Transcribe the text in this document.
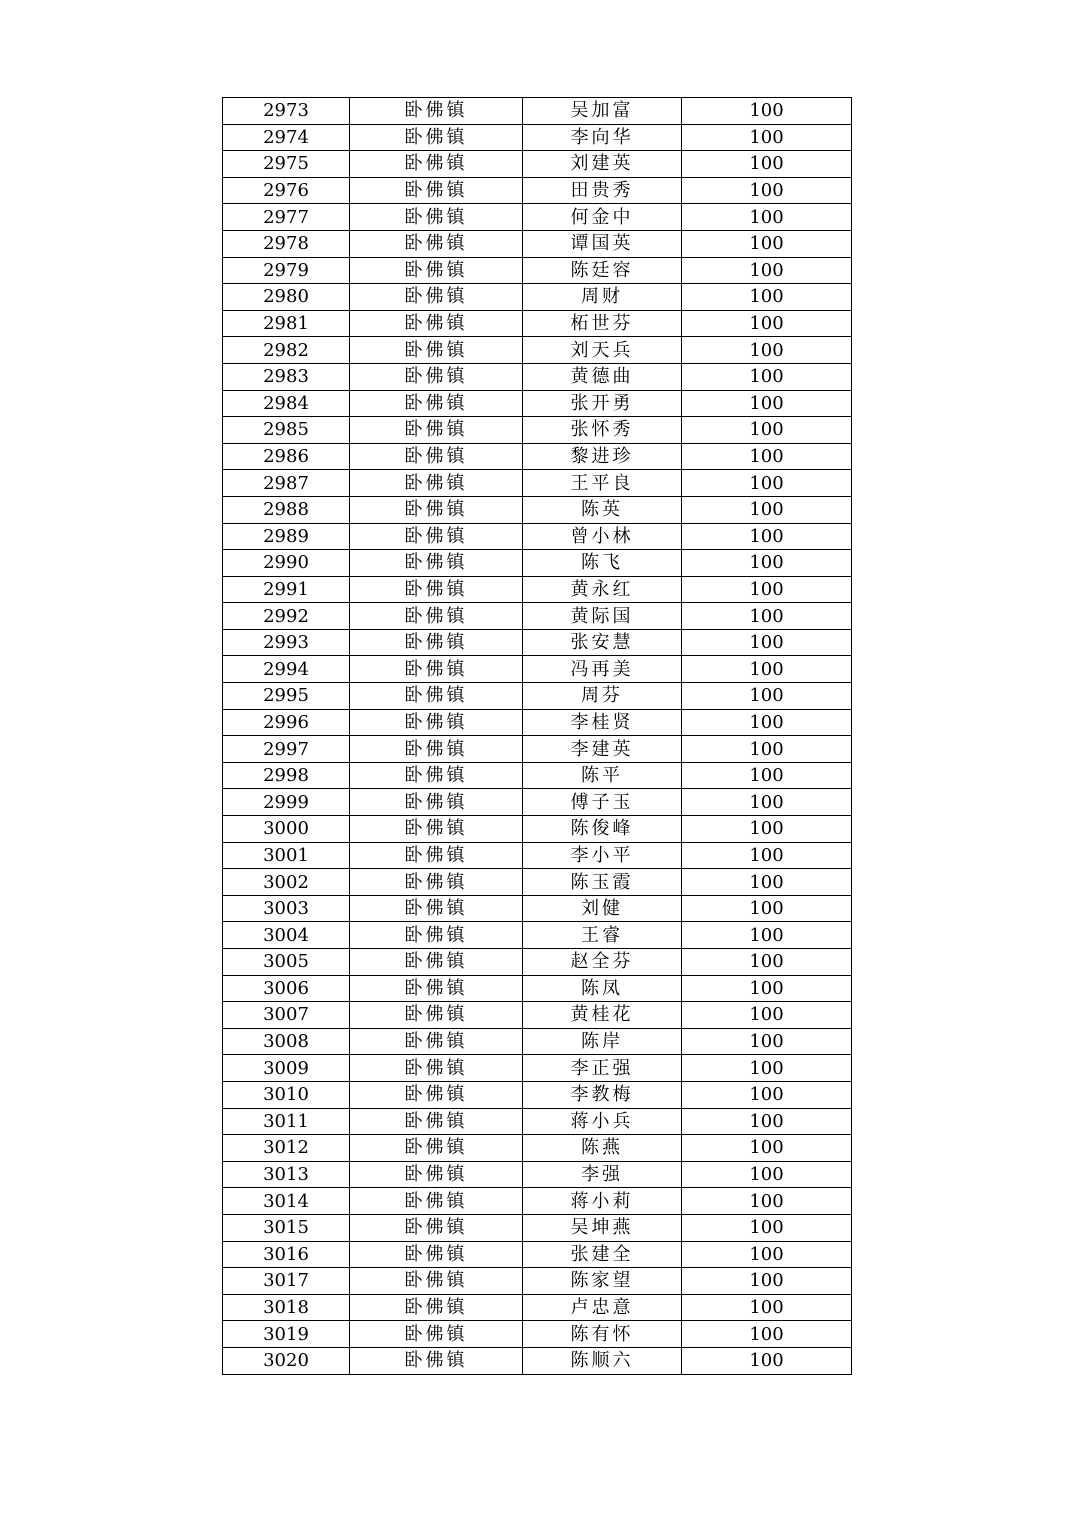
2973	卧佛镇	吴加富	100
2974	卧佛镇	李向华	100
2975	卧佛镇	刘建英	100
2976	卧佛镇	田贵秀	100
2977	卧佛镇	何金中	100
2978	卧佛镇	谭国英	100
2979	卧佛镇	陈廷容	100
2980	卧佛镇	周财	100
2981	卧佛镇	柘世芬	100
2982	卧佛镇	刘天兵	100
2983	卧佛镇	黄德曲	100
2984	卧佛镇	张开勇	100
2985	卧佛镇	张怀秀	100
2986	卧佛镇	黎进珍	100
2987	卧佛镇	王平良	100
2988	卧佛镇	陈英	100
2989	卧佛镇	曾小林	100
2990	卧佛镇	陈飞	100
2991	卧佛镇	黄永红	100
2992	卧佛镇	黄际国	100
2993	卧佛镇	张安慧	100
2994	卧佛镇	冯再美	100
2995	卧佛镇	周芬	100
2996	卧佛镇	李桂贤	100
2997	卧佛镇	李建英	100
2998	卧佛镇	陈平	100
2999	卧佛镇	傅子玉	100
3000	卧佛镇	陈俊峰	100
3001	卧佛镇	李小平	100
3002	卧佛镇	陈玉霞	100
3003	卧佛镇	刘健	100
3004	卧佛镇	王睿	100
3005	卧佛镇	赵全芬	100
3006	卧佛镇	陈凤	100
3007	卧佛镇	黄桂花	100
3008	卧佛镇	陈岸	100
3009	卧佛镇	李正强	100
3010	卧佛镇	李教梅	100
3011	卧佛镇	蒋小兵	100
3012	卧佛镇	陈燕	100
3013	卧佛镇	李强	100
3014	卧佛镇	蒋小莉	100
3015	卧佛镇	吴坤燕	100
3016	卧佛镇	张建全	100
3017	卧佛镇	陈家望	100
3018	卧佛镇	卢忠意	100
3019	卧佛镇	陈有怀	100
3020	卧佛镇	陈顺六	100
